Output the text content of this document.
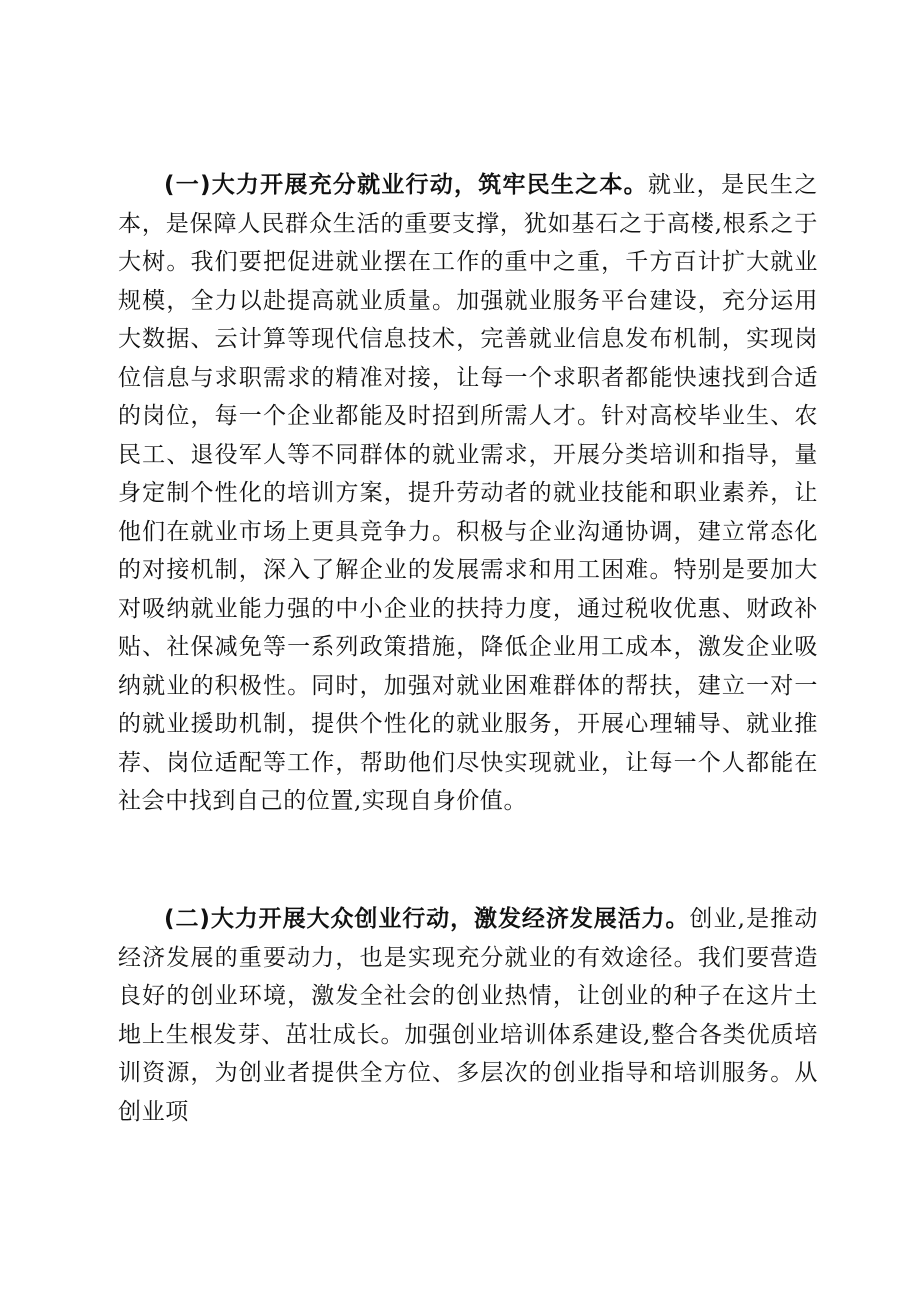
(一)大力开展充分就业行动，筑牢民生之本。就业，是民生之本，是保障人民群众生活的重要支撑，犹如基石之于高楼,根系之于大树。我们要把促进就业摆在工作的重中之重，千方百计扩大就业规模，全力以赴提高就业质量。加强就业服务平台建设，充分运用大数据、云计算等现代信息技术，完善就业信息发布机制，实现岗位信息与求职需求的精准对接，让每一个求职者都能快速找到合适的岗位，每一个企业都能及时招到所需人才。针对高校毕业生、农民工、退役军人等不同群体的就业需求，开展分类培训和指导，量身定制个性化的培训方案，提升劳动者的就业技能和职业素养，让他们在就业市场上更具竞争力。积极与企业沟通协调，建立常态化的对接机制，深入了解企业的发展需求和用工困难。特别是要加大对吸纳就业能力强的中小企业的扶持力度，通过税收优惠、财政补贴、社保减免等一系列政策措施，降低企业用工成本，激发企业吸纳就业的积极性。同时，加强对就业困难群体的帮扶，建立一对一的就业援助机制，提供个性化的就业服务，开展心理辅导、就业推荐、岗位适配等工作，帮助他们尽快实现就业，让每一个人都能在社会中找到自己的位置,实现自身价值。

(二)大力开展大众创业行动，激发经济发展活力。创业,是推动经济发展的重要动力，也是实现充分就业的有效途径。我们要营造良好的创业环境，激发全社会的创业热情，让创业的种子在这片土地上生根发芽、茁壮成长。加强创业培训体系建设,整合各类优质培训资源，为创业者提供全方位、多层次的创业指导和培训服务。从创业项
